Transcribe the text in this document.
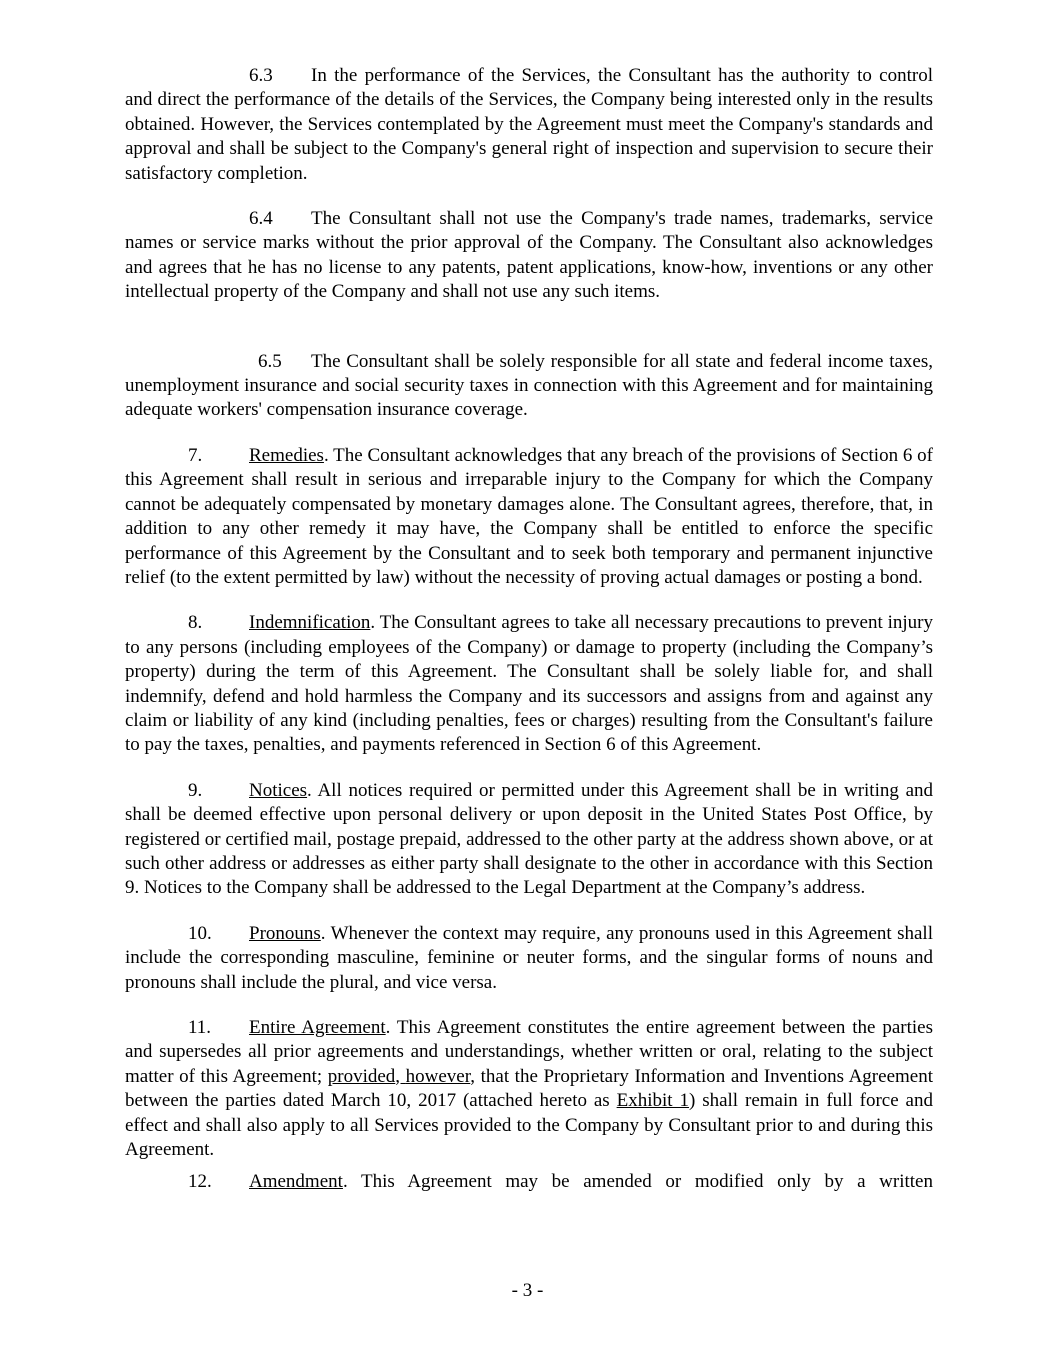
6.3 In the performance of the Services, the Consultant has the authority to control and direct the performance of the details of the Services, the Company being interested only in the results obtained. However, the Services contemplated by the Agreement must meet the Company's standards and approval and shall be subject to the Company's general right of inspection and supervision to secure their satisfactory completion.

6.4 The Consultant shall not use the Company's trade names, trademarks, service names or service marks without the prior approval of the Company. The Consultant also acknowledges and agrees that he has no license to any patents, patent applications, know-how, inventions or any other intellectual property of the Company and shall not use any such items.

6.5 The Consultant shall be solely responsible for all state and federal income taxes, unemployment insurance and social security taxes in connection with this Agreement and for maintaining adequate workers' compensation insurance coverage.

7. Remedies. The Consultant acknowledges that any breach of the provisions of Section 6 of this Agreement shall result in serious and irreparable injury to the Company for which the Company cannot be adequately compensated by monetary damages alone. The Consultant agrees, therefore, that, in addition to any other remedy it may have, the Company shall be entitled to enforce the specific performance of this Agreement by the Consultant and to seek both temporary and permanent injunctive relief (to the extent permitted by law) without the necessity of proving actual damages or posting a bond.

8. Indemnification. The Consultant agrees to take all necessary precautions to prevent injury to any persons (including employees of the Company) or damage to property (including the Company’s property) during the term of this Agreement. The Consultant shall be solely liable for, and shall indemnify, defend and hold harmless the Company and its successors and assigns from and against any claim or liability of any kind (including penalties, fees or charges) resulting from the Consultant's failure to pay the taxes, penalties, and payments referenced in Section 6 of this Agreement.

9. Notices. All notices required or permitted under this Agreement shall be in writing and shall be deemed effective upon personal delivery or upon deposit in the United States Post Office, by registered or certified mail, postage prepaid, addressed to the other party at the address shown above, or at such other address or addresses as either party shall designate to the other in accordance with this Section 9. Notices to the Company shall be addressed to the Legal Department at the Company’s address.

10. Pronouns. Whenever the context may require, any pronouns used in this Agreement shall include the corresponding masculine, feminine or neuter forms, and the singular forms of nouns and pronouns shall include the plural, and vice versa.

11. Entire Agreement. This Agreement constitutes the entire agreement between the parties and supersedes all prior agreements and understandings, whether written or oral, relating to the subject matter of this Agreement; provided, however, that the Proprietary Information and Inventions Agreement between the parties dated March 10, 2017 (attached hereto as Exhibit 1) shall remain in full force and effect and shall also apply to all Services provided to the Company by Consultant prior to and during this Agreement.

12. Amendment. This Agreement may be amended or modified only by a written

- 3 -
